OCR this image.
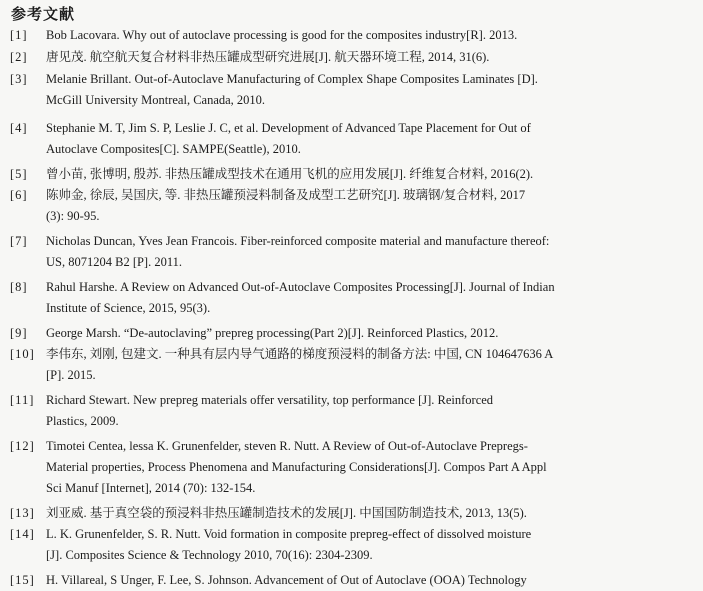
参考文献
[1]	Bob Lacovara. Why out of autoclave processing is good for the composites industry[R]. 2013.
[2]	唐见茂. 航空航天复合材料非热压罐成型研究进展[J]. 航天器环境工程, 2014, 31(6).
[3]	Melanie Brillant. Out-of-Autoclave Manufacturing of Complex Shape Composites Laminates [D].
McGill University Montreal, Canada, 2010.
[4]	Stephanie M. T, Jim S. P, Leslie J. C, et al. Development of Advanced Tape Placement for Out of
Autoclave Composites[C]. SAMPE(Seattle), 2010.
[5]	曾小苗, 张博明, 殷苏. 非热压罐成型技术在通用飞机的应用发展[J]. 纤维复合材料, 2016(2).
[6]	陈帅金, 徐辰, 吴国庆, 等. 非热压罐预浸料制备及成型工艺研究[J]. 玻璃钢/复合材料, 2017
(3): 90-95.
[7]	Nicholas Duncan, Yves Jean Francois. Fiber-reinforced composite material and manufacture thereof:
US, 8071204 B2 [P]. 2011.
[8]	Rahul Harshe. A Review on Advanced Out-of-Autoclave Composites Processing[J]. Journal of Indian
Institute of Science, 2015, 95(3).
[9]	George Marsh. “De-autoclaving” prepreg processing(Part 2)[J]. Reinforced Plastics, 2012.
[10] 李伟东, 刘刚, 包建文. 一种具有层内导气通路的梯度预浸料的制备方法: 中国, CN 104647636 A
[P]. 2015.
[11] Richard Stewart. New prepreg materials offer versatility, top performance [J]. Reinforced
Plastics, 2009.
[12] Timotei Centea, lessa K. Grunenfelder, steven R. Nutt. A Review of Out-of-Autoclave Prepregs-
Material properties, Process Phenomena and Manufacturing Considerations[J]. Compos Part A Appl
Sci Manuf [Internet], 2014 (70): 132-154.
[13] 刘亚威. 基于真空袋的预浸料非热压罐制造技术的发展[J]. 中国国防制造技术, 2013, 13(5).
[14] L. K. Grunenfelder, S. R. Nutt. Void formation in composite prepreg-effect of dissolved moisture
[J]. Composites Science & Technology 2010, 70(16): 2304-2309.
[15] H. Villareal, S Unger, F. Lee, S. Johnson. Advancement of Out of Autoclave (OOA) Technology
